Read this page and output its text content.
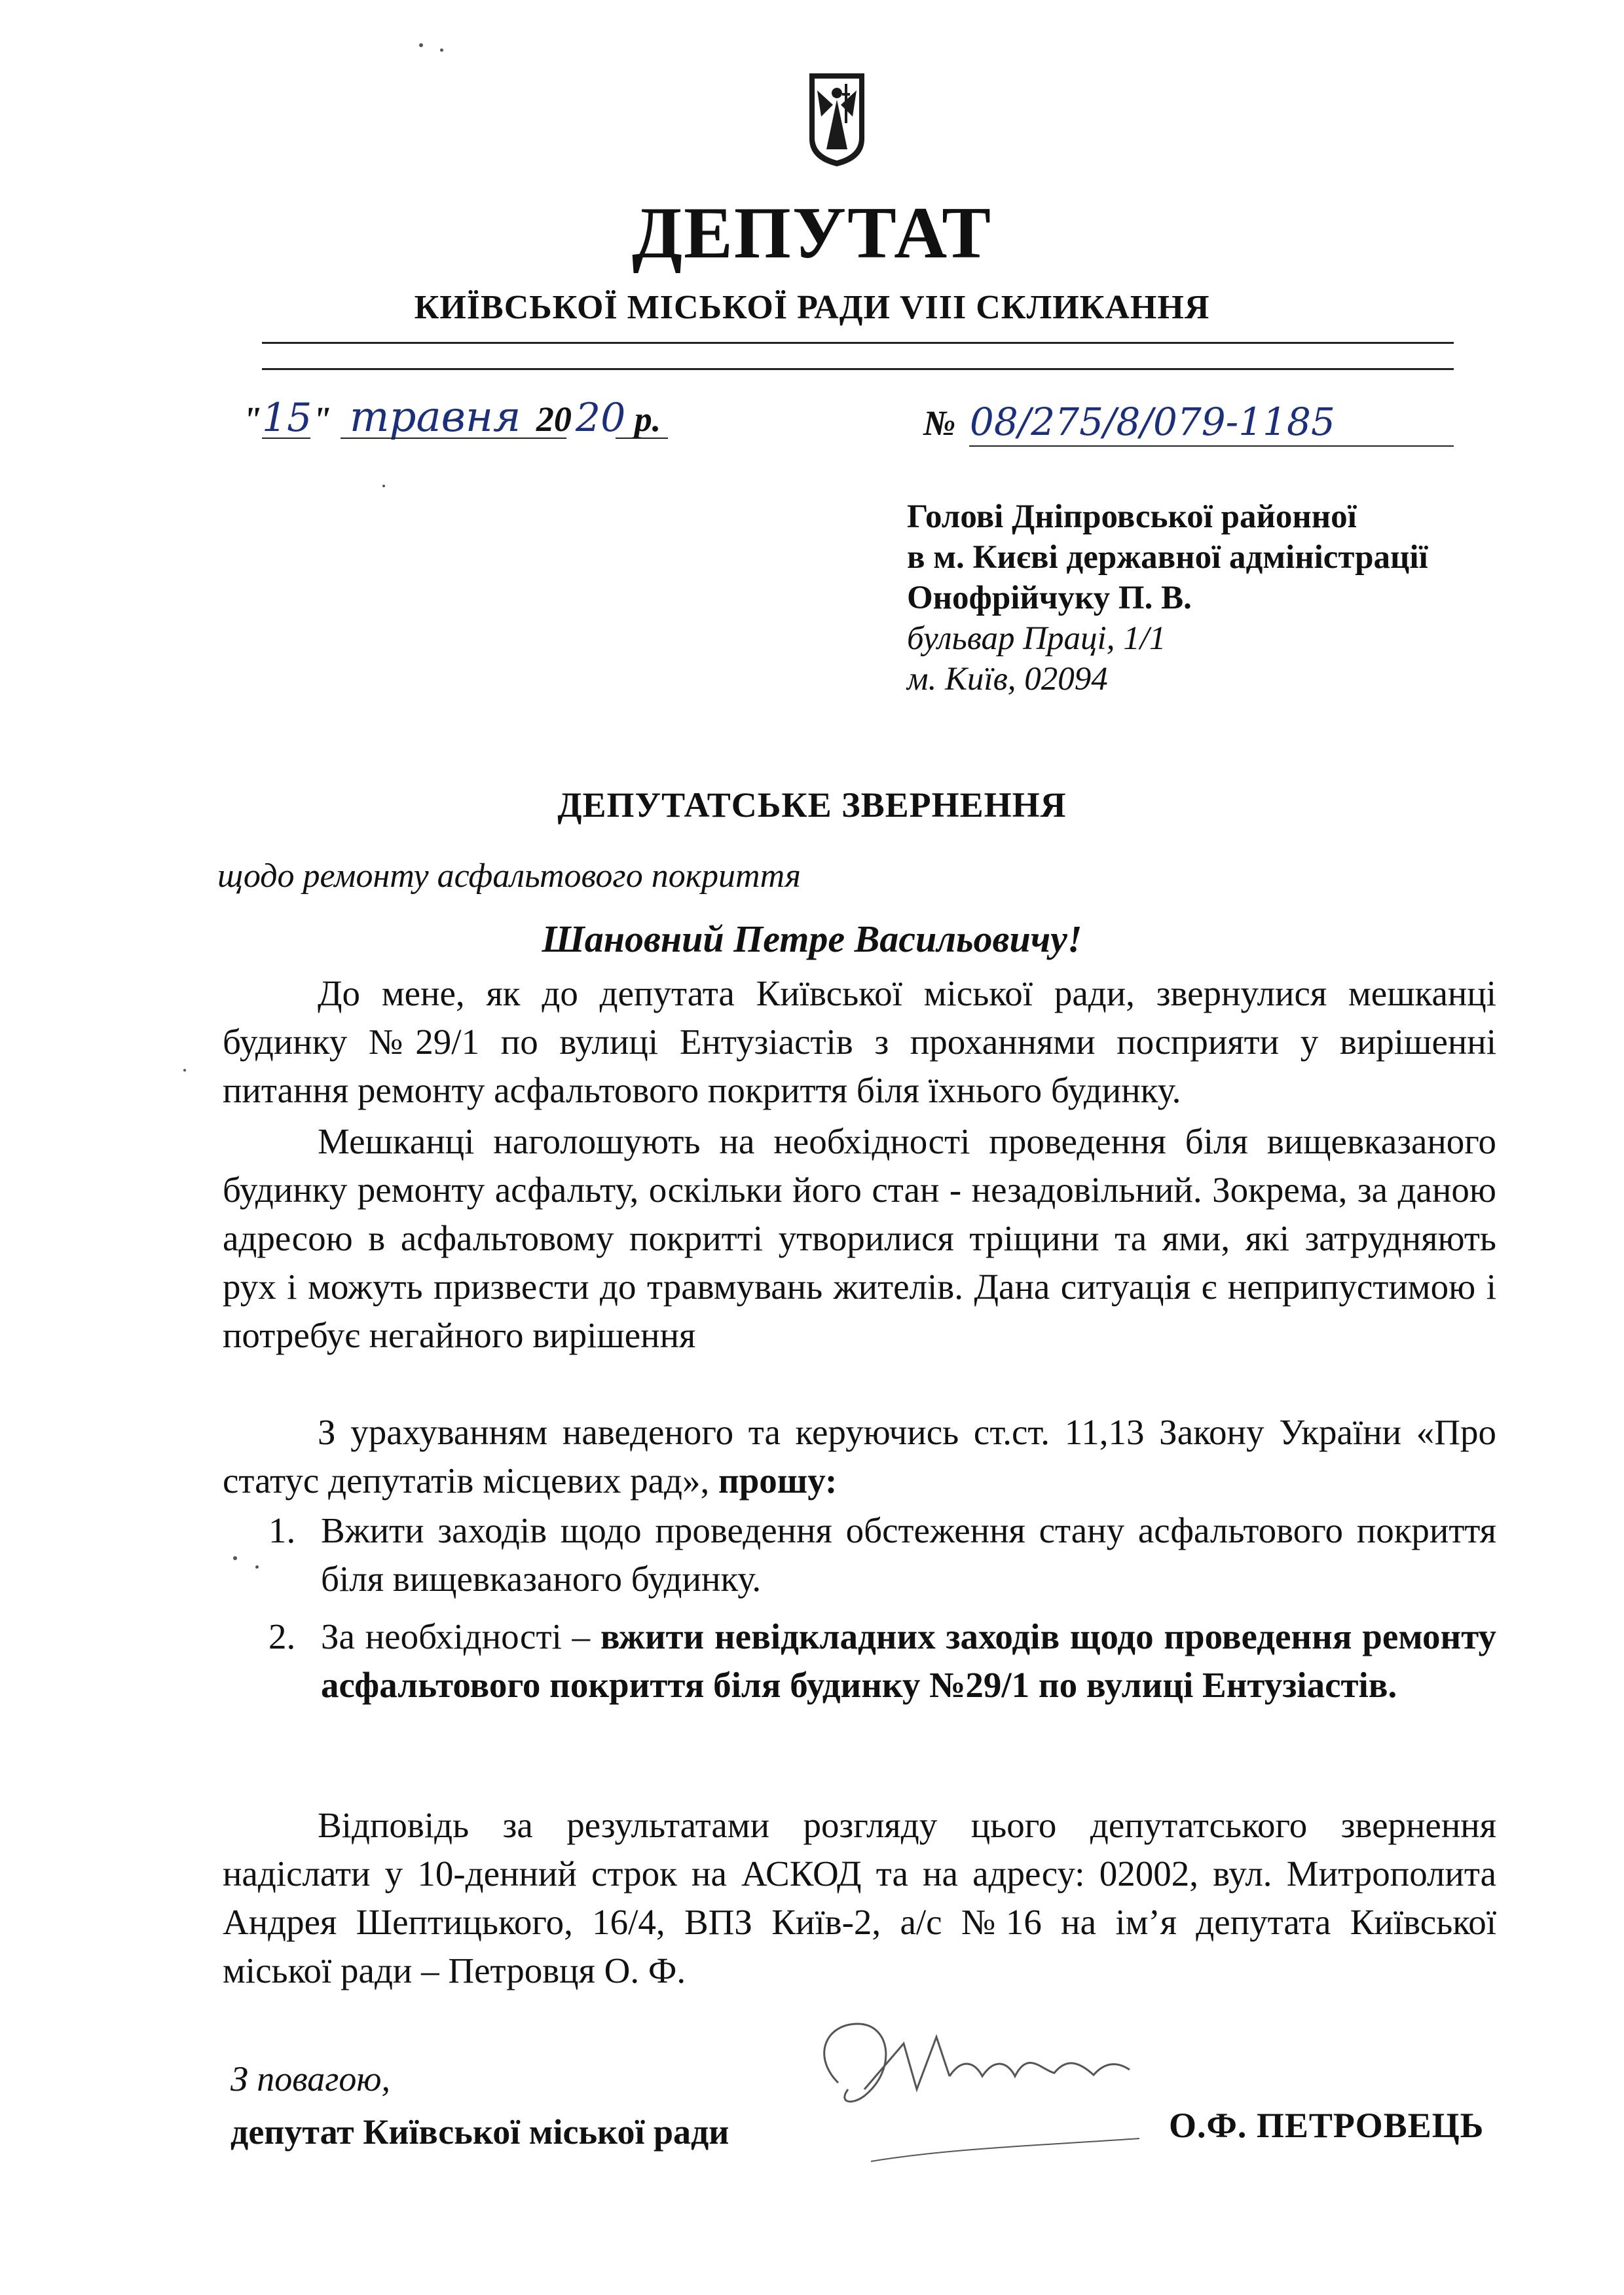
ДЕПУТАТ
КИЇВСЬКОЇ МІСЬКОЇ РАДИ VIII СКЛИКАННЯ
"15" травня 20 20 р.	№ 08/275/8/079-1185
Голові Дніпровської районної
в м. Києві державної адміністрації
Онофрійчуку П. В.
бульвар Праці, 1/1
м. Київ, 02094
ДЕПУТАТСЬКЕ ЗВЕРНЕННЯ
щодо ремонту асфальтового покриття
Шановний Петре Васильовичу!
До мене, як до депутата Київської міської ради, звернулися мешканці будинку №29/1 по вулиці Ентузіастів з проханнями посприяти у вирішенні питання ремонту асфальтового покриття біля їхнього будинку.
Мешканці наголошують на необхідності проведення біля вищевказаного будинку ремонту асфальту, оскільки його стан - незадовільний. Зокрема, за даною адресою в асфальтовому покритті утворилися тріщини та ями, які затрудняють рух і можуть призвести до травмувань жителів. Дана ситуація є неприпустимою і потребує негайного вирішення
З урахуванням наведеного та керуючись ст.ст. 11,13 Закону України «Про статус депутатів місцевих рад», прошу:
1. Вжити заходів щодо проведення обстеження стану асфальтового покриття біля вищевказаного будинку.
2. За необхідності – вжити невідкладних заходів щодо проведення ремонту асфальтового покриття біля будинку №29/1 по вулиці Ентузіастів.
Відповідь за результатами розгляду цього депутатського звернення надіслати у 10-денний строк на АСКОД та на адресу: 02002, вул. Митрополита Андрея Шептицького, 16/4, ВПЗ Київ-2, а/с №16 на ім’я депутата Київської міської ради – Петровця О. Ф.
З повагою,
депутат Київської міської ради	О.Ф. ПЕТРОВЕЦЬ
